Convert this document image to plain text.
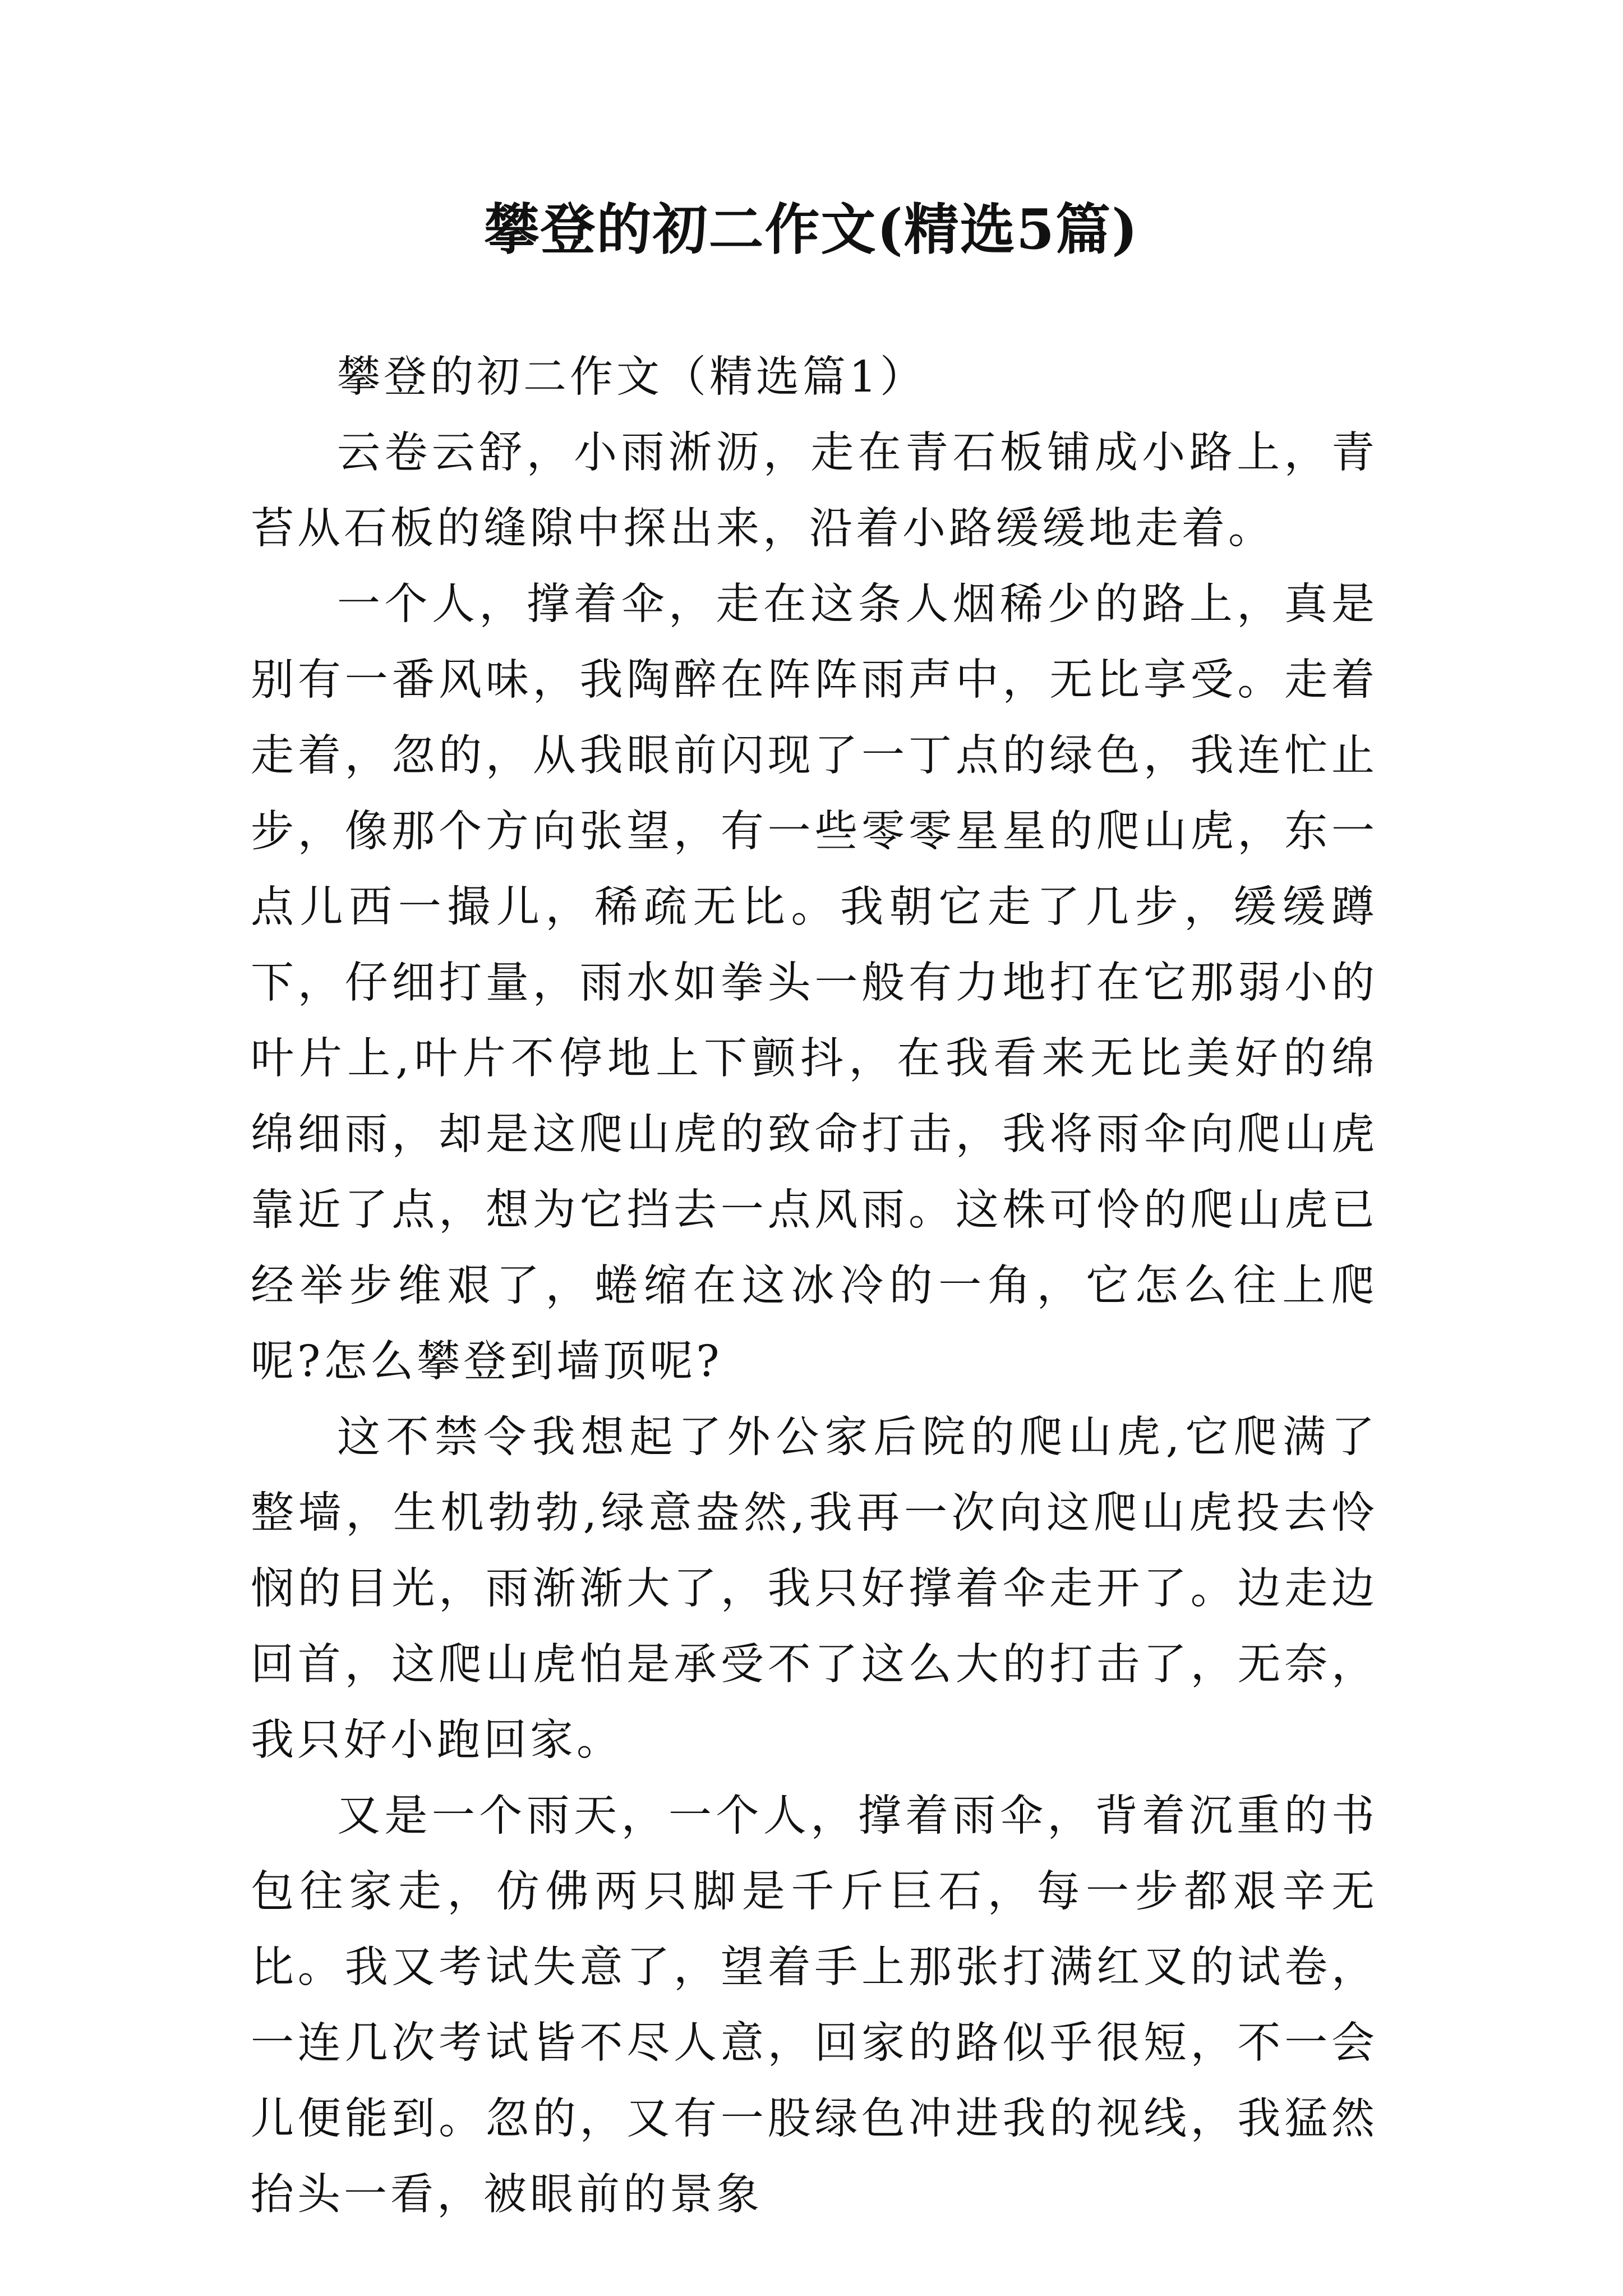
攀登的初二作文(精选5篇)
攀登的初二作文（精选篇1）

云卷云舒，小雨淅沥，走在青石板铺成小路上，青苔从石板的缝隙中探出来，沿着小路缓缓地走着。

一个人，撑着伞，走在这条人烟稀少的路上，真是别有一番风味，我陶醉在阵阵雨声中，无比享受。走着走着，忽的，从我眼前闪现了一丁点的绿色，我连忙止步，像那个方向张望，有一些零零星星的爬山虎，东一点儿西一撮儿，稀疏无比。我朝它走了几步，缓缓蹲下，仔细打量，雨水如拳头一般有力地打在它那弱小的叶片上,叶片不停地上下颤抖，在我看来无比美好的绵绵细雨，却是这爬山虎的致命打击，我将雨伞向爬山虎靠近了点，想为它挡去一点风雨。这株可怜的爬山虎已经举步维艰了，蜷缩在这冰冷的一角，它怎么往上爬呢?怎么攀登到墙顶呢?

这不禁令我想起了外公家后院的爬山虎,它爬满了整墙，生机勃勃,绿意盎然,我再一次向这爬山虎投去怜悯的目光，雨渐渐大了，我只好撑着伞走开了。边走边回首，这爬山虎怕是承受不了这么大的打击了，无奈，我只好小跑回家。

又是一个雨天，一个人，撑着雨伞，背着沉重的书包往家走，仿佛两只脚是千斤巨石，每一步都艰辛无比。我又考试失意了，望着手上那张打满红叉的试卷，一连几次考试皆不尽人意，回家的路似乎很短，不一会儿便能到。忽的，又有一股绿色冲进我的视线，我猛然抬头一看，被眼前的景象
